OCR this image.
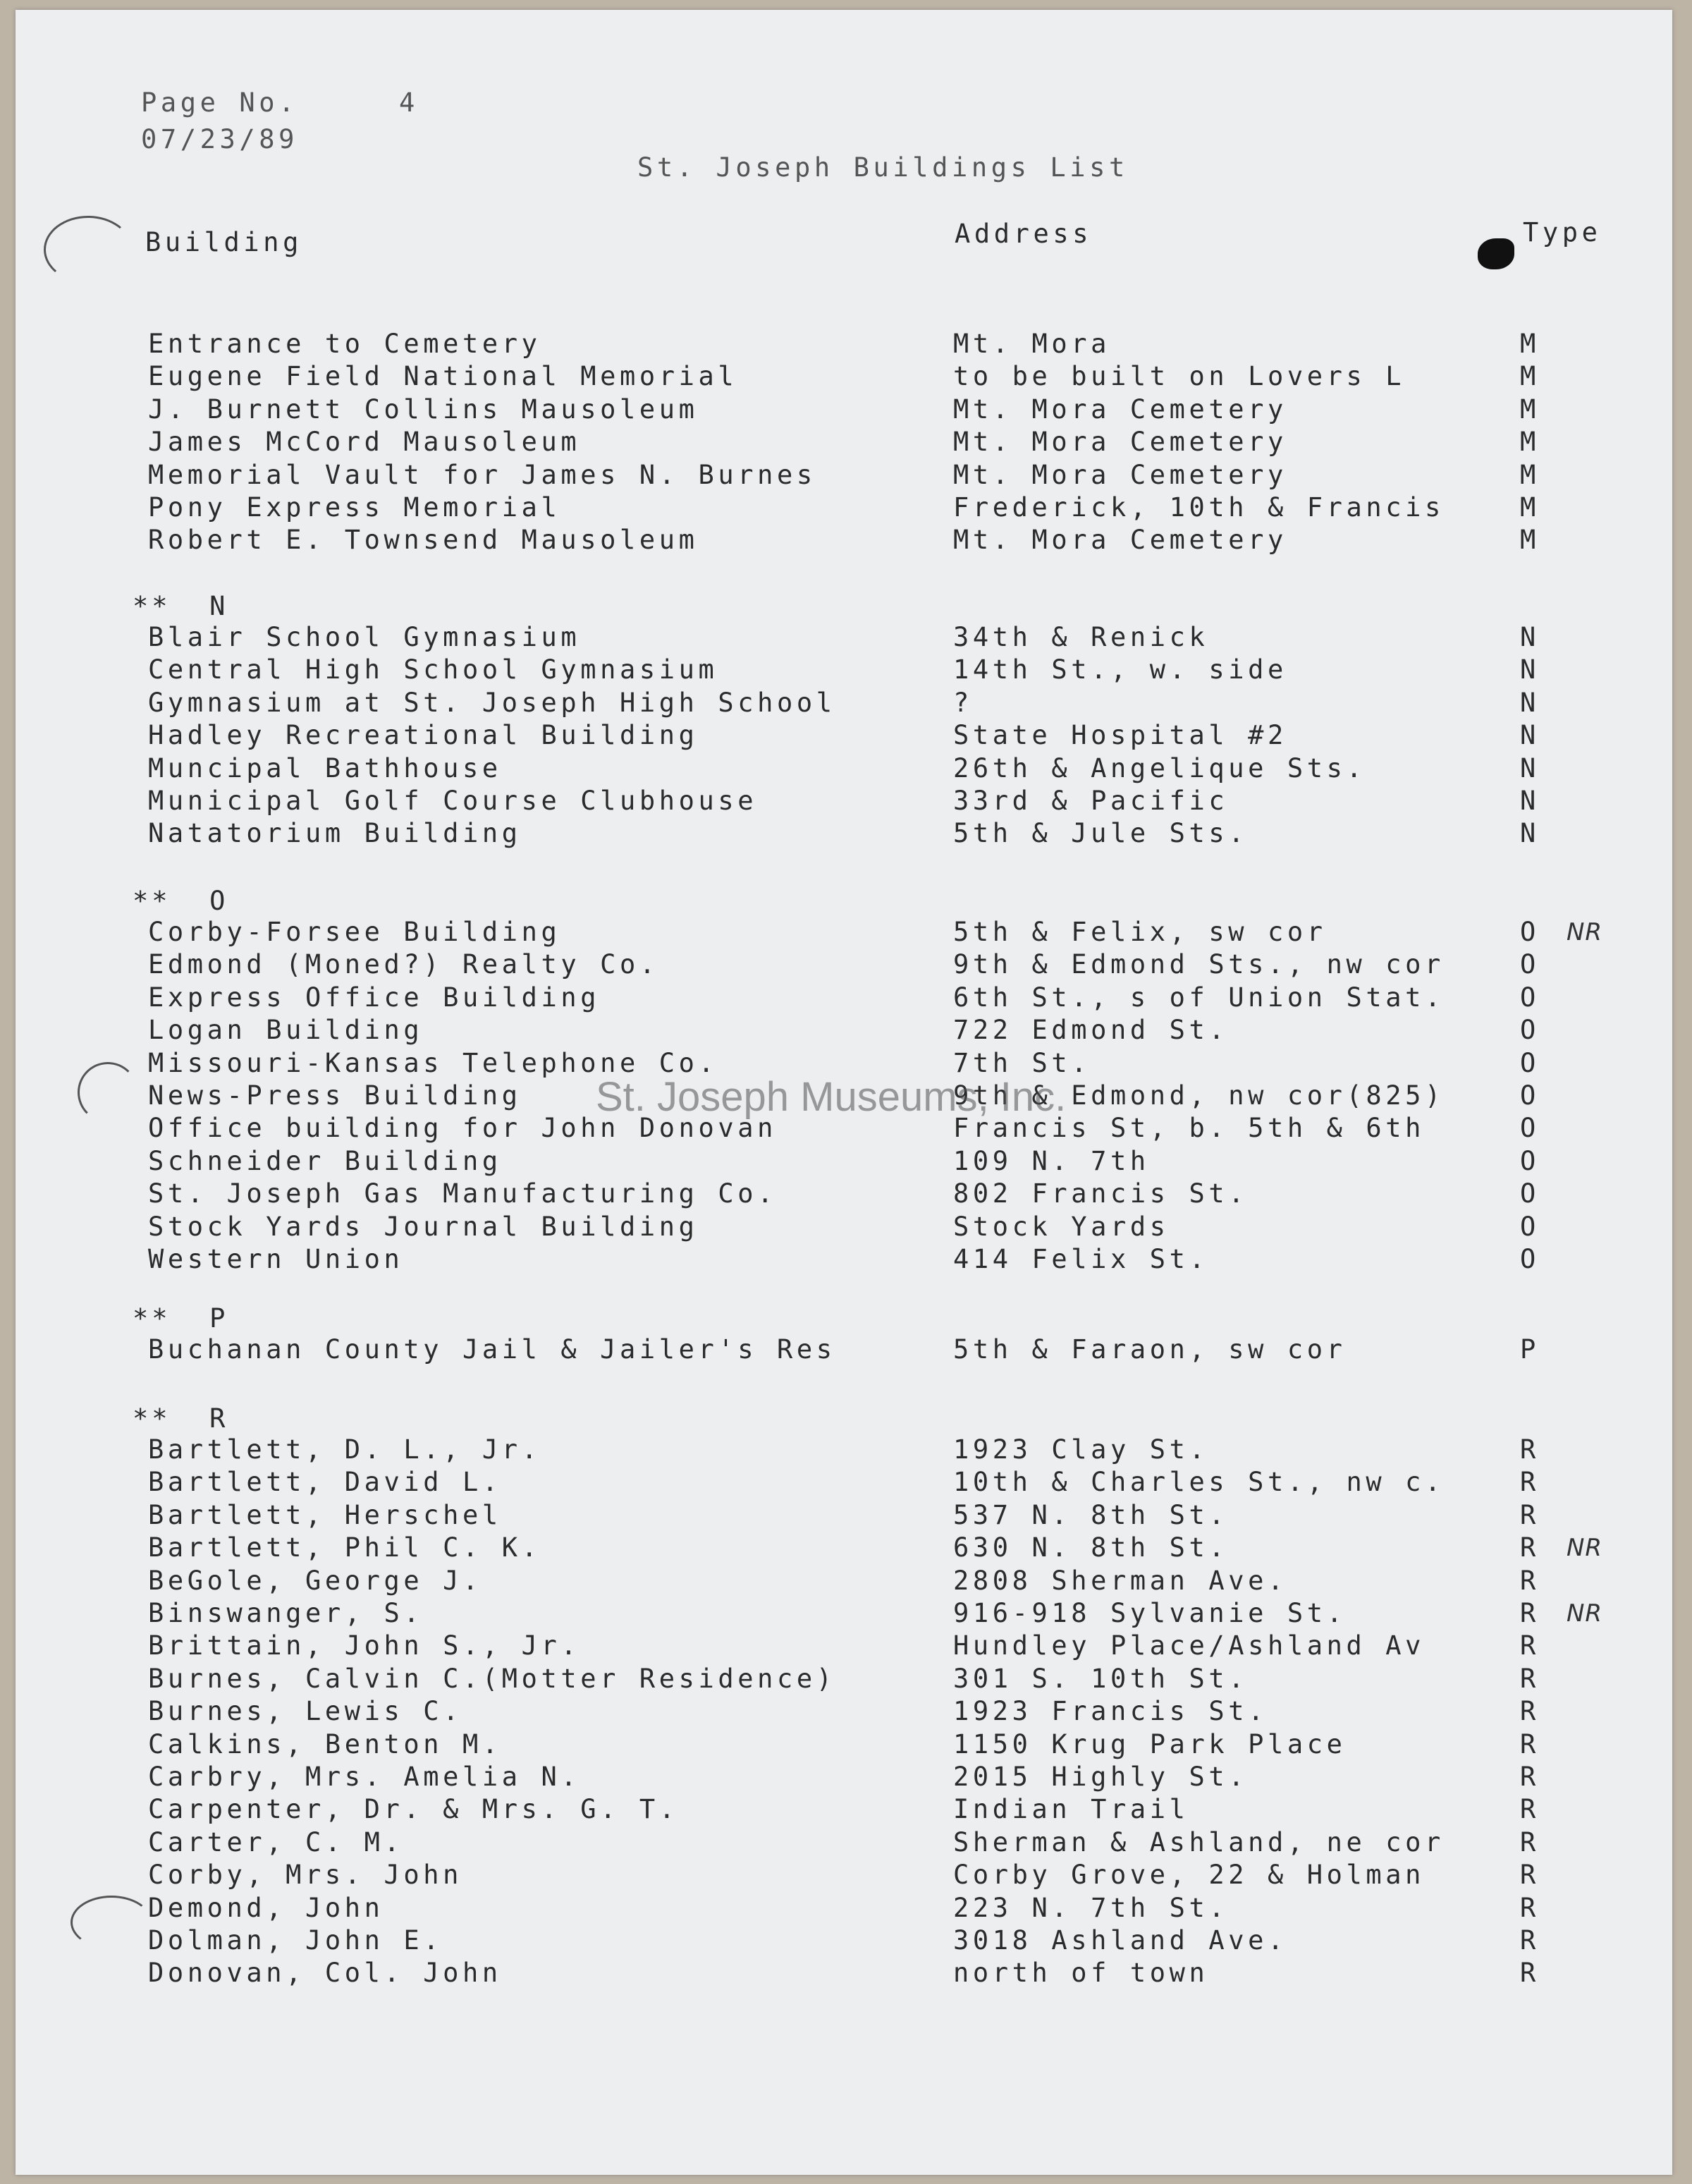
Page No.	4
07/23/89
St. Joseph Buildings List
Building	Address	Type
Entrance to Cemetery	Mt. Mora	M
Eugene Field National Memorial	to be built on Lovers L	M
J. Burnett Collins Mausoleum	Mt. Mora Cemetery	M
James McCord Mausoleum	Mt. Mora Cemetery	M
Memorial Vault for James N. Burnes	Mt. Mora Cemetery	M
Pony Express Memorial	Frederick, 10th & Francis	M
Robert E. Townsend Mausoleum	Mt. Mora Cemetery	M
**  N
Blair School Gymnasium	34th & Renick	N
Central High School Gymnasium	14th St., w. side	N
Gymnasium at St. Joseph High School	?	N
Hadley Recreational Building	State Hospital #2	N
Muncipal Bathhouse	26th & Angelique Sts.	N
Municipal Golf Course Clubhouse	33rd & Pacific	N
Natatorium Building	5th & Jule Sts.	N
**  O
Corby-Forsee Building	5th & Felix, sw cor	O NR
Edmond (Moned?) Realty Co.	9th & Edmond Sts., nw cor	O
Express Office Building	6th St., s of Union Stat.	O
Logan Building	722 Edmond St.	O
Missouri-Kansas Telephone Co.	7th St.	O
News-Press Building	9th & Edmond, nw cor(825)	O
Office building for John Donovan	Francis St, b. 5th & 6th	O
Schneider Building	109 N. 7th	O
St. Joseph Gas Manufacturing Co.	802 Francis St.	O
Stock Yards Journal Building	Stock Yards	O
Western Union	414 Felix St.	O
**  P
Buchanan County Jail & Jailer's Res	5th & Faraon, sw cor	P
**  R
Bartlett, D. L., Jr.	1923 Clay St.	R
Bartlett, David L.	10th & Charles St., nw c.	R
Bartlett, Herschel	537 N. 8th St.	R
Bartlett, Phil C. K.	630 N. 8th St.	R NR
BeGole, George J.	2808 Sherman Ave.	R
Binswanger, S.	916-918 Sylvanie St.	R NR
Brittain, John S., Jr.	Hundley Place/Ashland Av	R
Burnes, Calvin C.(Motter Residence)	301 S. 10th St.	R
Burnes, Lewis C.	1923 Francis St.	R
Calkins, Benton M.	1150 Krug Park Place	R
Carbry, Mrs. Amelia N.	2015 Highly St.	R
Carpenter, Dr. & Mrs. G. T.	Indian Trail	R
Carter, C. M.	Sherman & Ashland, ne cor	R
Corby, Mrs. John	Corby Grove, 22 & Holman	R
Demond, John	223 N. 7th St.	R
Dolman, John E.	3018 Ashland Ave.	R
Donovan, Col. John	north of town	R
St. Joseph Museums, Inc.
